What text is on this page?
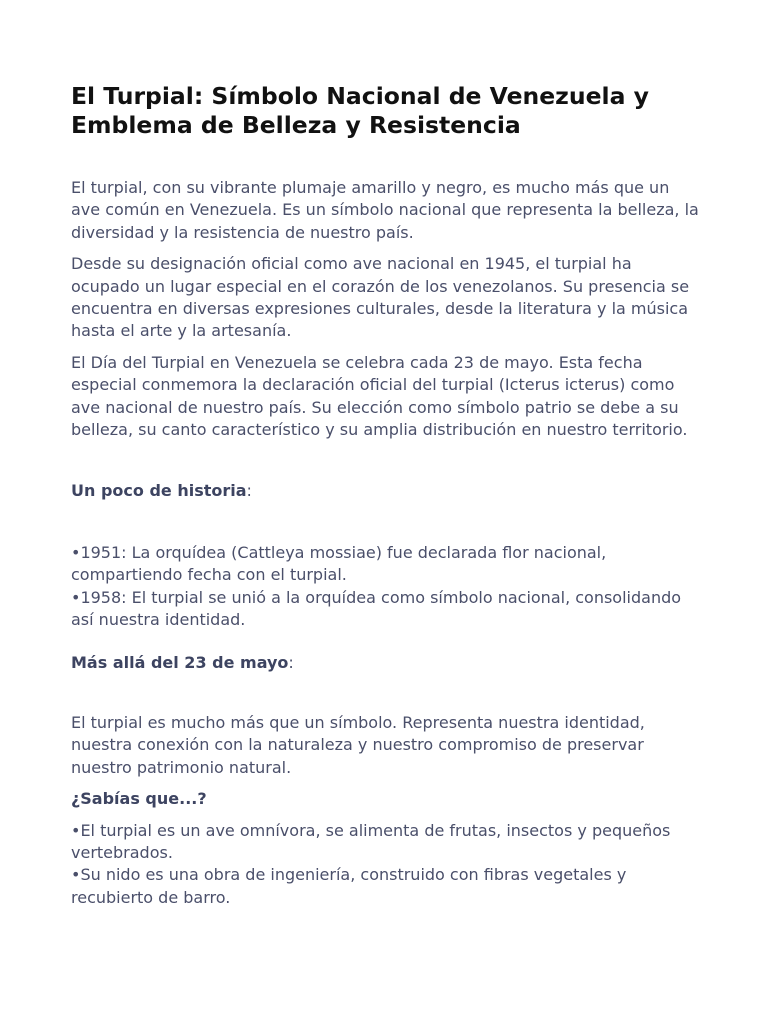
El Turpial: Símbolo Nacional de Venezuela y Emblema de Belleza y Resistencia

El turpial, con su vibrante plumaje amarillo y negro, es mucho más que un ave común en Venezuela. Es un símbolo nacional que representa la belleza, la diversidad y la resistencia de nuestro país.

Desde su designación oficial como ave nacional en 1945, el turpial ha ocupado un lugar especial en el corazón de los venezolanos. Su presencia se encuentra en diversas expresiones culturales, desde la literatura y la música hasta el arte y la artesanía.

El Día del Turpial en Venezuela se celebra cada 23 de mayo. Esta fecha especial conmemora la declaración oficial del turpial (Icterus icterus) como ave nacional de nuestro país. Su elección como símbolo patrio se debe a su belleza, su canto característico y su amplia distribución en nuestro territorio.

Un poco de historia:

•1951: La orquídea (Cattleya mossiae) fue declarada flor nacional, compartiendo fecha con el turpial.

•1958: El turpial se unió a la orquídea como símbolo nacional, consolidando así nuestra identidad.

Más allá del 23 de mayo:

El turpial es mucho más que un símbolo. Representa nuestra identidad, nuestra conexión con la naturaleza y nuestro compromiso de preservar nuestro patrimonio natural.

¿Sabías que...?

•El turpial es un ave omnívora, se alimenta de frutas, insectos y pequeños vertebrados.

•Su nido es una obra de ingeniería, construido con fibras vegetales y recubierto de barro.
